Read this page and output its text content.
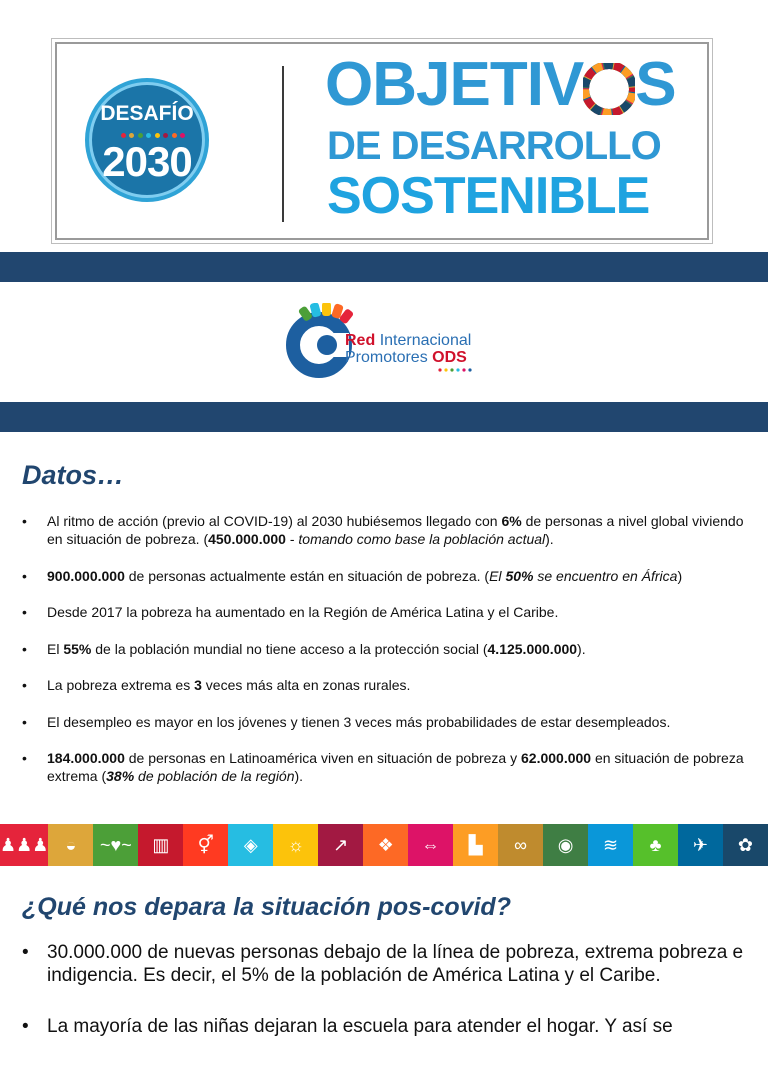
DESAFÍO
2030
OBJETIV S
DE DESARROLLO
SOSTENIBLE
Red Internacional
Promotores ODS
Datos…
• Al ritmo de acción (previo al COVID-19) al 2030 hubiésemos llegado con 6% de personas a nivel global viviendo en situación de pobreza. (450.000.000 - tomando como base la población actual).
• 900.000.000 de personas actualmente están en situación de pobreza. (El 50% se encuentro en África)
• Desde 2017 la pobreza ha aumentado en la Región de América Latina y el Caribe.
• El 55% de la población mundial no tiene acceso a la protección social (4.125.000.000).
• La pobreza extrema es 3 veces más alta en zonas rurales.
• El desempleo es mayor en los jóvenes y tienen 3 veces más probabilidades de estar desempleados.
• 184.000.000 de personas en Latinoamérica viven en situación de pobreza y 62.000.000 en situación de pobreza extrema (38% de población de la región).
♟♟♟ ◒	~♥~	▥	⚥	◈	☼	↗	❖	⇔	▙	∞	◉	≋	♣	✈	✿
¿Qué nos depara la situación pos-covid?
• 30.000.000 de nuevas personas debajo de la línea de pobreza, extrema pobreza e indigencia. Es decir, el 5% de la población de América Latina y el Caribe.
• La mayoría de las niñas dejaran la escuela para atender el hogar. Y así se
